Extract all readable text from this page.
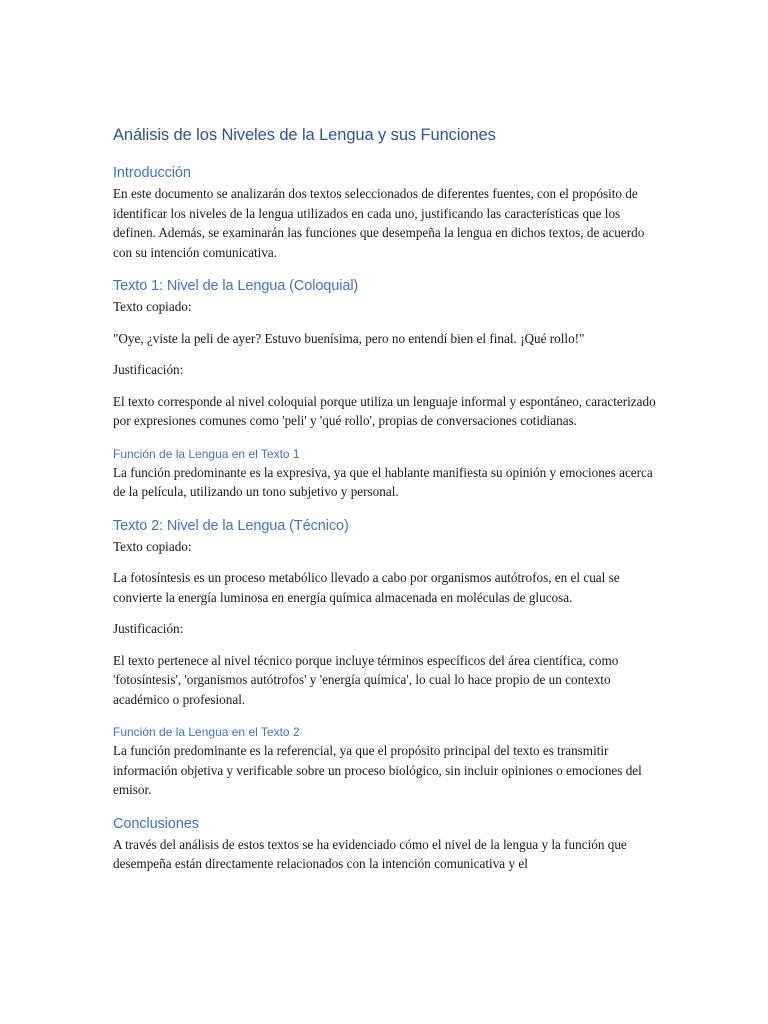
Análisis de los Niveles de la Lengua y sus Funciones
Introducción

En este documento se analizarán dos textos seleccionados de diferentes fuentes, con el propósito de identificar los niveles de la lengua utilizados en cada uno, justificando las características que los definen. Además, se examinarán las funciones que desempeña la lengua en dichos textos, de acuerdo con su intención comunicativa.

Texto 1: Nivel de la Lengua (Coloquial)

Texto copiado:

"Oye, ¿viste la peli de ayer? Estuvo buenísima, pero no entendí bien el final. ¡Qué rollo!"

Justificación:

El texto corresponde al nivel coloquial porque utiliza un lenguaje informal y espontáneo, caracterizado por expresiones comunes como 'peli' y 'qué rollo', propias de conversaciones cotidianas.

Función de la Lengua en el Texto 1

La función predominante es la expresiva, ya que el hablante manifiesta su opinión y emociones acerca de la película, utilizando un tono subjetivo y personal.

Texto 2: Nivel de la Lengua (Técnico)

Texto copiado:

La fotosíntesis es un proceso metabólico llevado a cabo por organismos autótrofos, en el cual se convierte la energía luminosa en energía química almacenada en moléculas de glucosa.

Justificación:

El texto pertenece al nivel técnico porque incluye términos específicos del área científica, como 'fotosíntesis', 'organismos autótrofos' y 'energía química', lo cual lo hace propio de un contexto académico o profesional.

Función de la Lengua en el Texto 2

La función predominante es la referencial, ya que el propósito principal del texto es transmitir información objetiva y verificable sobre un proceso biológico, sin incluir opiniones o emociones del emisor.

Conclusiones

A través del análisis de estos textos se ha evidenciado cómo el nivel de la lengua y la función que desempeña están directamente relacionados con la intención comunicativa y el
